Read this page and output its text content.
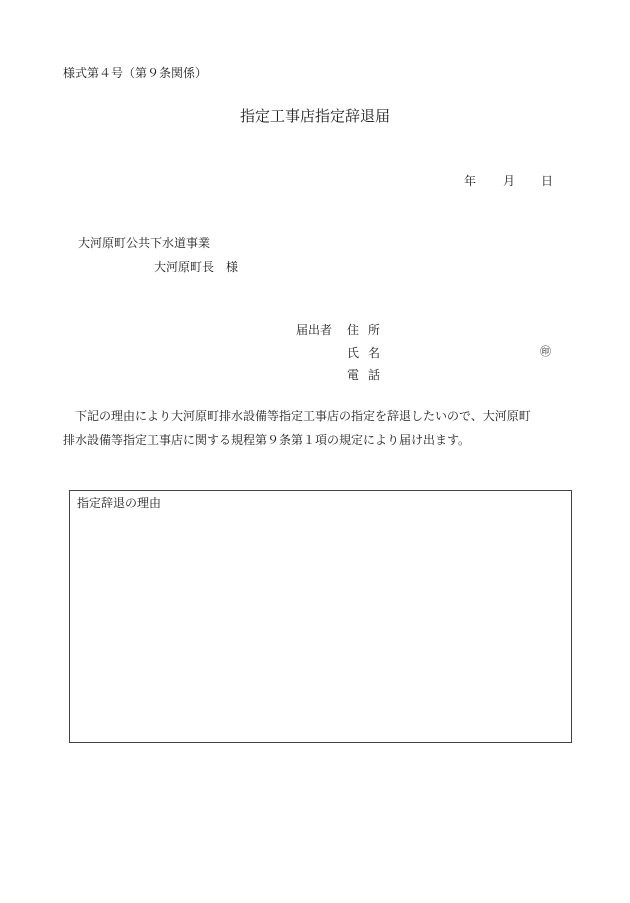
様式第４号（第９条関係）
指定工事店指定辞退届
年 月 日
大河原町公共下水道事業
大河原町長　様
届出者 住所
氏名	㊞
電話
下記の理由により大河原町排水設備等指定工事店の指定を辞退したいので、大河原町
排水設備等指定工事店に関する規程第９条第１項の規定により届け出ます。
指定辞退の理由
